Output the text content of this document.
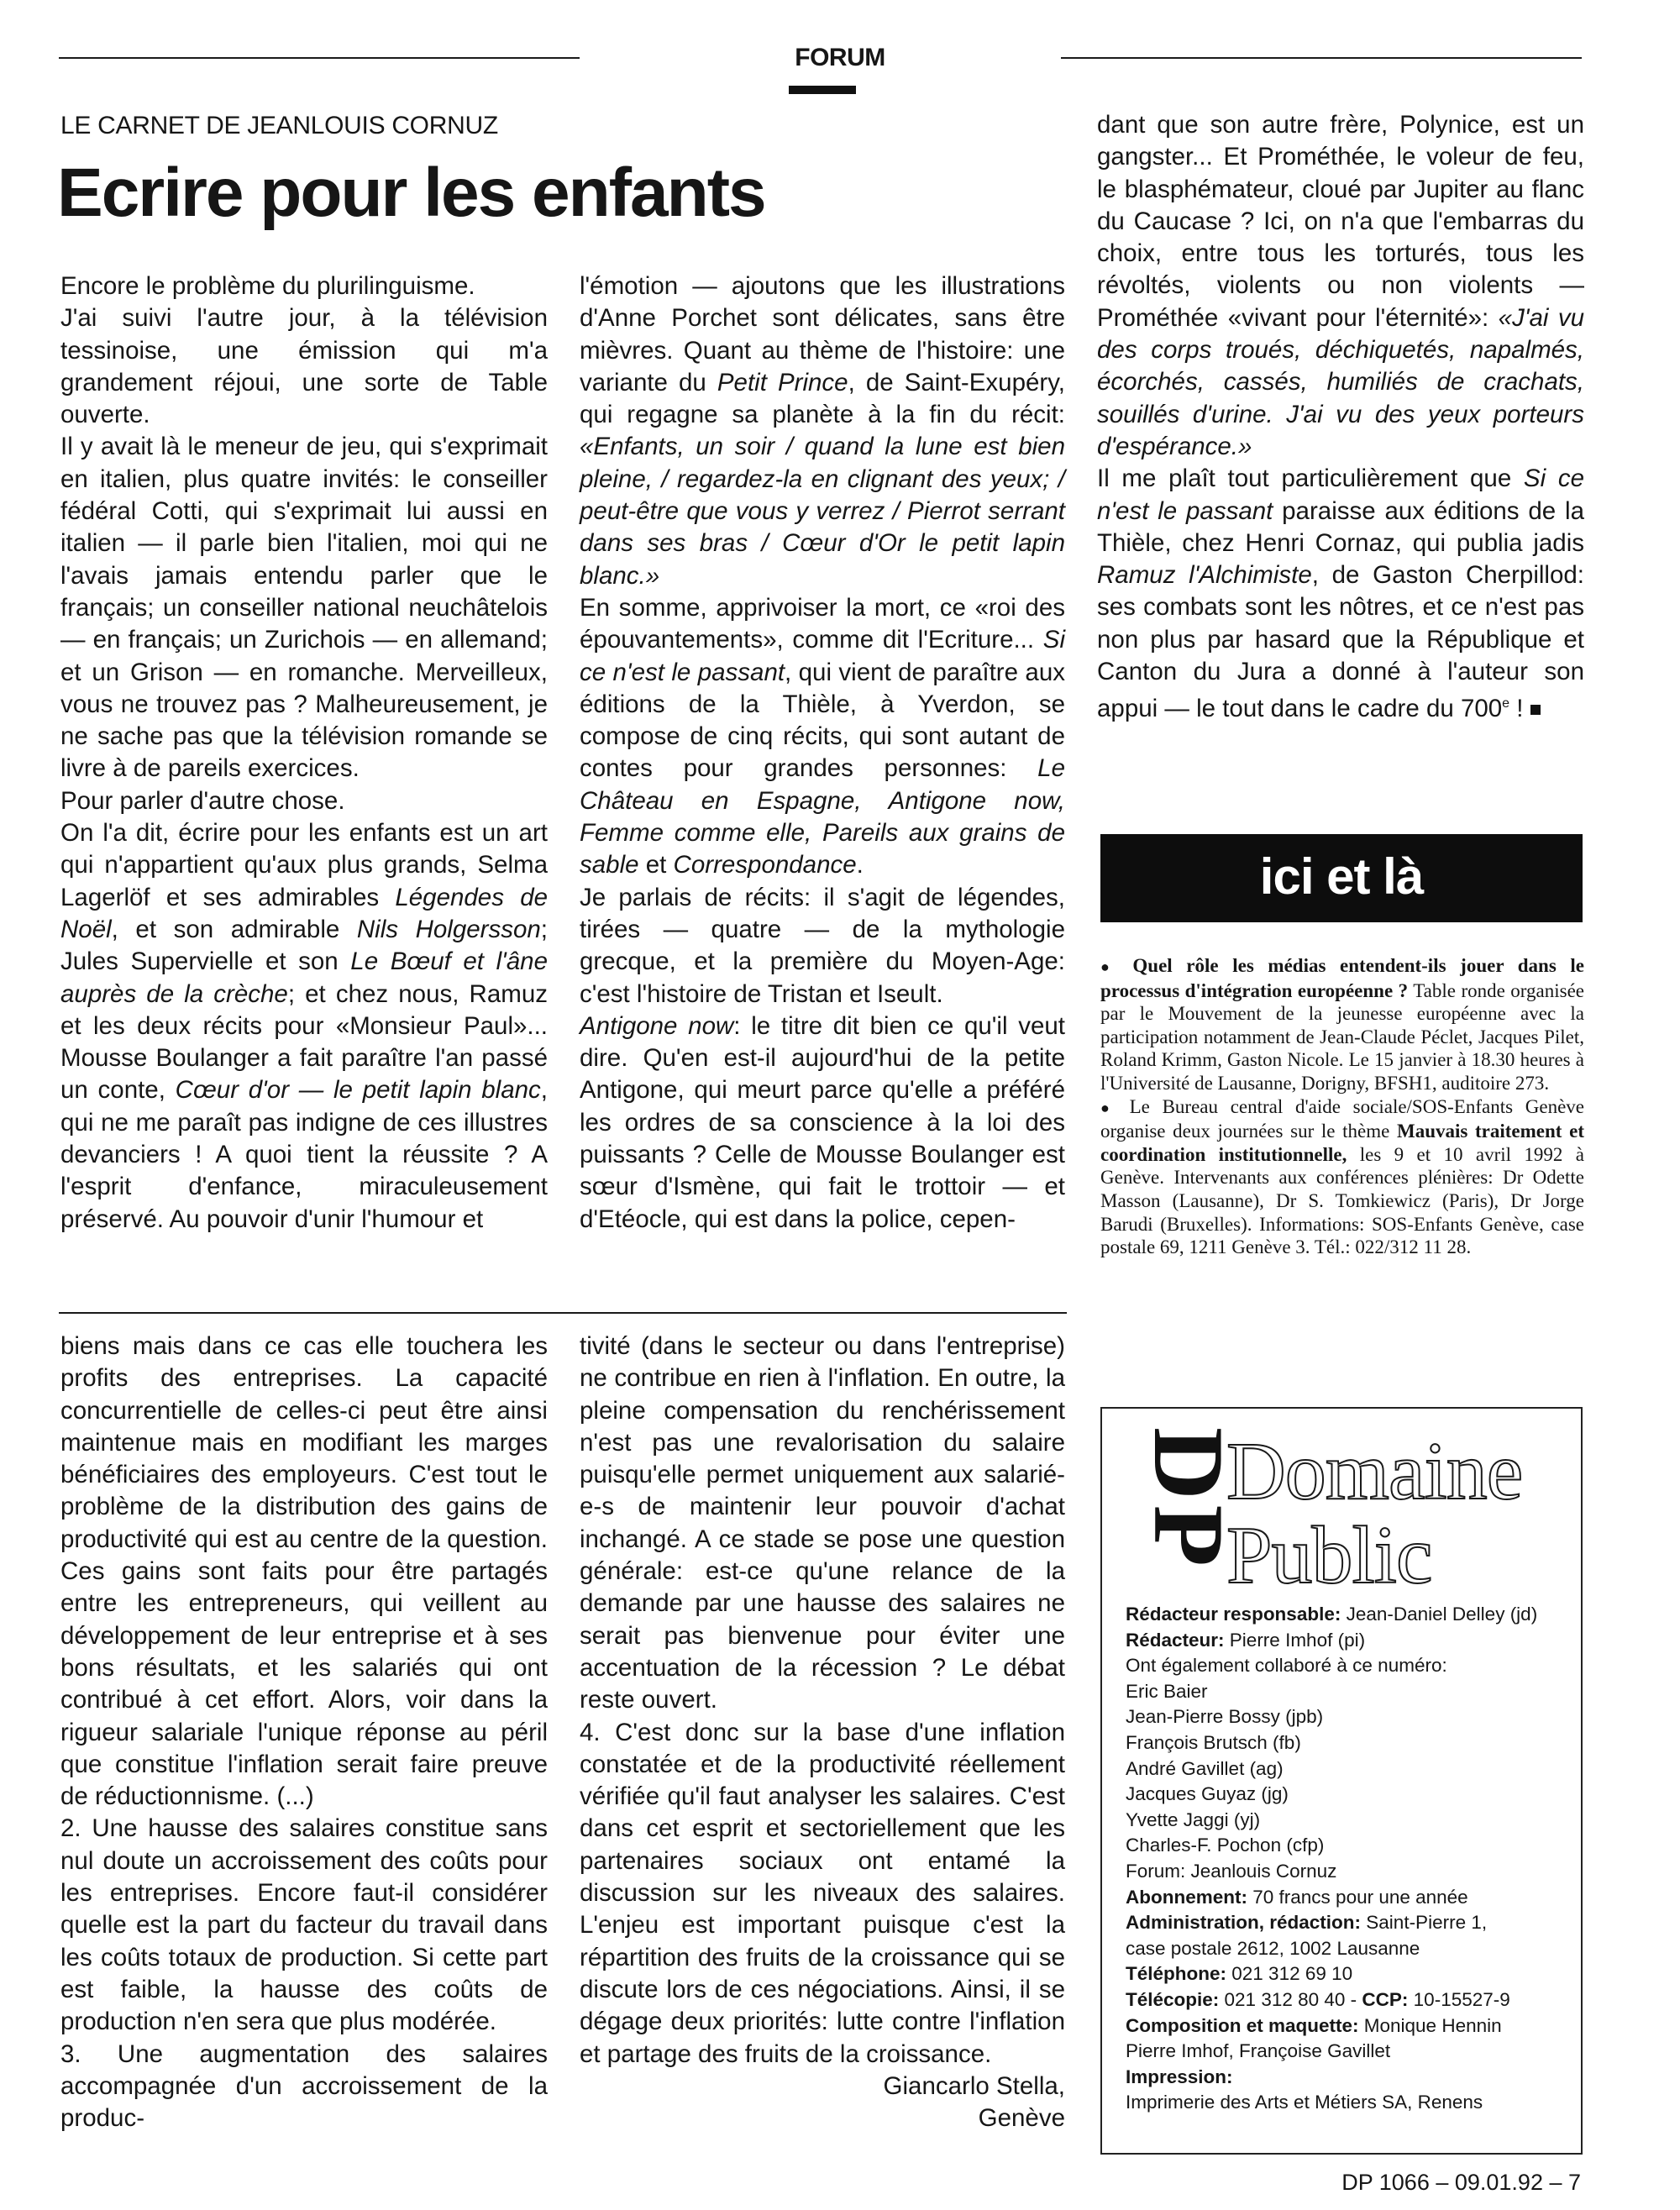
FORUM
LE CARNET DE JEANLOUIS CORNUZ
Ecrire pour les enfants

Encore le problème du plurilinguisme.

J'ai suivi l'autre jour, à la télévision tessinoise, une émission qui m'a grandement réjoui, une sorte de Table ouverte.

Il y avait là le meneur de jeu, qui s'exprimait en italien, plus quatre invités: le conseiller fédéral Cotti, qui s'exprimait lui aussi en italien — il parle bien l'italien, moi qui ne l'avais jamais entendu parler que le français; un conseiller national neuchâtelois — en français; un Zurichois — en allemand; et un Grison — en romanche. Merveilleux, vous ne trouvez pas ? Malheureusement, je ne sache pas que la télévision romande se livre à de pareils exercices.

Pour parler d'autre chose.

On l'a dit, écrire pour les enfants est un art qui n'appartient qu'aux plus grands, Selma Lagerlöf et ses admirables Légendes de Noël, et son admirable Nils Holgersson; Jules Supervielle et son Le Bœuf et l'âne auprès de la crèche; et chez nous, Ramuz et les deux récits pour «Monsieur Paul»... Mousse Boulanger a fait paraître l'an passé un conte, Cœur d'or — le petit lapin blanc, qui ne me paraît pas indigne de ces illustres devanciers ! A quoi tient la réussite ? A l'esprit d'enfance, miraculeusement préservé. Au pouvoir d'unir l'humour et

l'émotion — ajoutons que les illustrations d'Anne Porchet sont délicates, sans être mièvres. Quant au thème de l'histoire: une variante du Petit Prince, de Saint-Exupéry, qui regagne sa planète à la fin du récit: «Enfants, un soir / quand la lune est bien pleine, / regardez-la en clignant des yeux; / peut-être que vous y verrez / Pierrot serrant dans ses bras / Cœur d'Or le petit lapin blanc.»

En somme, apprivoiser la mort, ce «roi des épouvantements», comme dit l'Ecriture... Si ce n'est le passant, qui vient de paraître aux éditions de la Thièle, à Yverdon, se compose de cinq récits, qui sont autant de contes pour grandes personnes: Le Château en Espagne, Antigone now, Femme comme elle, Pareils aux grains de sable et Correspondance.

Je parlais de récits: il s'agit de légendes, tirées — quatre — de la mythologie grecque, et la première du Moyen-Age: c'est l'histoire de Tristan et Iseult.

Antigone now: le titre dit bien ce qu'il veut dire. Qu'en est-il aujourd'hui de la petite Antigone, qui meurt parce qu'elle a préféré les ordres de sa conscience à la loi des puissants ? Celle de Mousse Boulanger est sœur d'Ismène, qui fait le trottoir — et d'Etéocle, qui est dans la police, cepen-

dant que son autre frère, Polynice, est un gangster... Et Prométhée, le voleur de feu, le blasphémateur, cloué par Jupiter au flanc du Caucase ? Ici, on n'a que l'embarras du choix, entre tous les torturés, tous les révoltés, violents ou non violents — Prométhée «vivant pour l'éternité»: «J'ai vu des corps troués, déchiquetés, napalmés, écorchés, cassés, humiliés de crachats, souillés d'urine. J'ai vu des yeux porteurs d'espérance.»

Il me plaît tout particulièrement que Si ce n'est le passant paraisse aux éditions de la Thièle, chez Henri Cornaz, qui publia jadis Ramuz l'Alchimiste, de Gaston Cherpillod: ses combats sont les nôtres, et ce n'est pas non plus par hasard que la République et Canton du Jura a donné à l'auteur son appui — le tout dans le cadre du 700e !

ici et là

● Quel rôle les médias entendent-ils jouer dans le processus d'intégration européenne ? Table ronde organisée par le Mouvement de la jeunesse européenne avec la participation notamment de Jean-Claude Péclet, Jacques Pilet, Roland Krimm, Gaston Nicole. Le 15 janvier à 18.30 heures à l'Université de Lausanne, Dorigny, BFSH1, auditoire 273.

● Le Bureau central d'aide sociale/SOS-Enfants Genève organise deux journées sur le thème Mauvais traitement et coordination institutionnelle, les 9 et 10 avril 1992 à Genève. Intervenants aux conférences plénières: Dr Odette Masson (Lausanne), Dr S. Tomkiewicz (Paris), Dr Jorge Barudi (Bruxelles). Informations: SOS-Enfants Genève, case postale 69, 1211 Genève 3. Tél.: 022/312 11 28.

DP
Domaine
Public
Rédacteur responsable: Jean-Daniel Delley (jd)
Rédacteur: Pierre Imhof (pi)
Ont également collaboré à ce numéro:
Eric Baier
Jean-Pierre Bossy (jpb)
François Brutsch (fb)
André Gavillet (ag)
Jacques Guyaz (jg)
Yvette Jaggi (yj)
Charles-F. Pochon (cfp)
Forum: Jeanlouis Cornuz
Abonnement: 70 francs pour une année
Administration, rédaction: Saint-Pierre 1,
case postale 2612, 1002 Lausanne
Téléphone: 021 312 69 10
Télécopie: 021 312 80 40 - CCP: 10-15527-9
Composition et maquette: Monique Hennin
Pierre Imhof, Françoise Gavillet
Impression:
Imprimerie des Arts et Métiers SA, Renens

biens mais dans ce cas elle touchera les profits des entreprises. La capacité concurrentielle de celles-ci peut être ainsi maintenue mais en modifiant les marges bénéficiaires des employeurs. C'est tout le problème de la distribution des gains de productivité qui est au centre de la question. Ces gains sont faits pour être partagés entre les entrepreneurs, qui veillent au développement de leur entreprise et à ses bons résultats, et les salariés qui ont contribué à cet effort. Alors, voir dans la rigueur salariale l'unique réponse au péril que constitue l'inflation serait faire preuve de réductionnisme. (...)

2. Une hausse des salaires constitue sans nul doute un accroissement des coûts pour les entreprises. Encore faut-il considérer quelle est la part du facteur du travail dans les coûts totaux de production. Si cette part est faible, la hausse des coûts de production n'en sera que plus modérée.

3. Une augmentation des salaires accompagnée d'un accroissement de la produc-

tivité (dans le secteur ou dans l'entreprise) ne contribue en rien à l'inflation. En outre, la pleine compensation du renchérissement n'est pas une revalorisation du salaire puisqu'elle permet uniquement aux salarié-e-s de maintenir leur pouvoir d'achat inchangé. A ce stade se pose une question générale: est-ce qu'une relance de la demande par une hausse des salaires ne serait pas bienvenue pour éviter une accentuation de la récession ? Le débat reste ouvert.

4. C'est donc sur la base d'une inflation constatée et de la productivité réellement vérifiée qu'il faut analyser les salaires. C'est dans cet esprit et sectoriellement que les partenaires sociaux ont entamé la discussion sur les niveaux des salaires. L'enjeu est important puisque c'est la répartition des fruits de la croissance qui se discute lors de ces négociations. Ainsi, il se dégage deux priorités: lutte contre l'inflation et partage des fruits de la croissance.

Giancarlo Stella,
Genève

DP 1066 – 09.01.92 – 7
